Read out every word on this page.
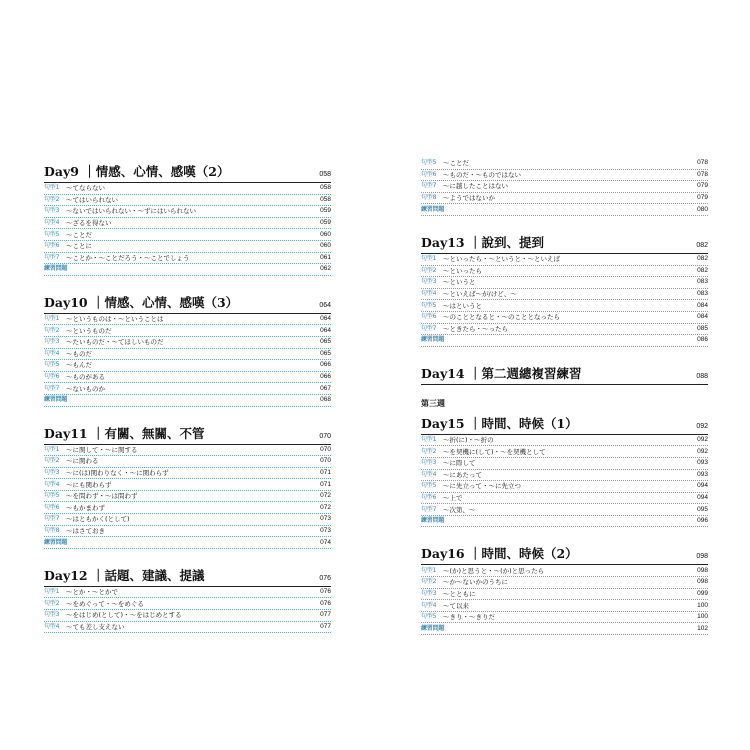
Day9 ｜情感、心情、感嘆（2）	058
句型1	～てならない	058
句型2	～てはいられない	058
句型3	～ないではいられない・～ずにはいられない	059
句型4	～ざるを得ない	059
句型5	～ことだ	060
句型6	～ことに	060
句型7	～ことか・～ことだろう・～ことでしょう	061
練習問題	062
Day10 ｜情感、心情、感嘆（3）	064
句型1	～というものは・～ということは	064
句型2	～というものだ	064
句型3	～たいものだ・～てほしいものだ	065
句型4	～ものだ	065
句型5	～もんだ	066
句型6	～ものがある	066
句型7	～ないものか	067
練習問題	068
Day11 ｜有關、無關、不管	070
句型1	～に関して・～に関する	070
句型2	～に関わる	070
句型3	～に(は)関わりなく・～に関わらず	071
句型4	～にも関わらず	071
句型5	～を問わず・～は問わず	072
句型6	～もかまわず	072
句型7	～はともかく(として)	073
句型8	～はさておき	073
練習問題	074
Day12 ｜話題、建議、提議	076
句型1	～とか・～とかで	076
句型2	～をめぐって・～をめぐる	076
句型3	～をはじめ(として)・～をはじめとする	077
句型4	～ても差し支えない	077
句型5	～ことだ	078
句型6	～ものだ・～ものではない	078
句型7	～に越したことはない	079
句型8	～ようではないか	079
練習問題	080
Day13 ｜說到、提到	082
句型1	～といったら・～というと・～といえば	082
句型2	～といったら	082
句型3	～というと	083
句型4	～といえば～が/けど、～	083
句型5	～はというと	084
句型6	～のこととなると・～のこととなったら	084
句型7	～ときたら・～ったら	085
練習問題	086
Day14 ｜第二週總複習練習	088
第三週
Day15 ｜時間、時候（1）	092
句型1	～折(に)・～折の	092
句型2	～を契機に(して)・～を契機として	092
句型3	～に際して	093
句型4	～にあたって	093
句型5	～に先立って・～に先立つ	094
句型6	～上で	094
句型7	～次第、～	095
練習問題	096
Day16 ｜時間、時候（2）	098
句型1	～(か)と思うと・～(か)と思ったら	098
句型2	～か～ないかのうちに	098
句型3	～とともに	099
句型4	～て以来	100
句型5	～きり・～きりだ	100
練習問題	102
